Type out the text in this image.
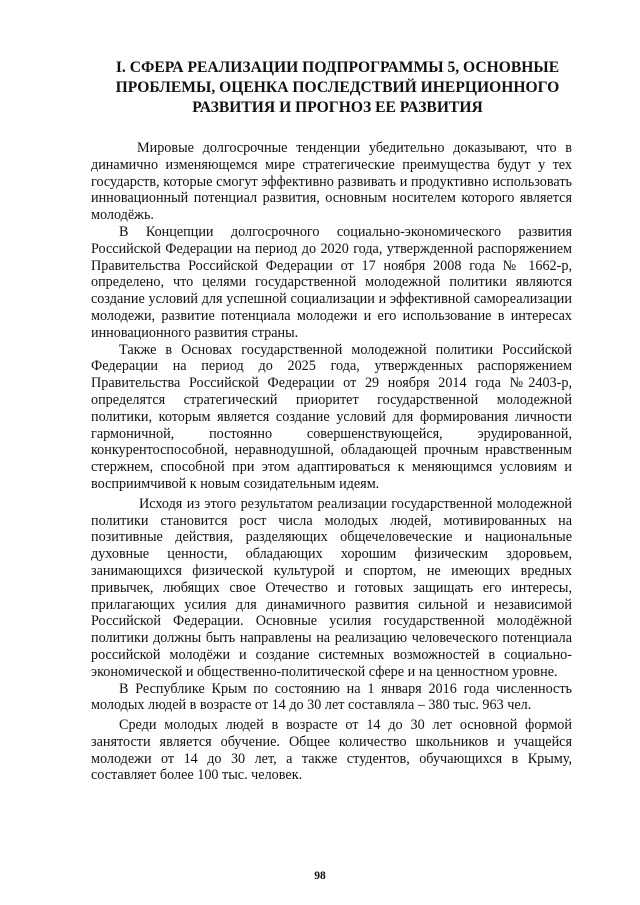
I. СФЕРА РЕАЛИЗАЦИИ ПОДПРОГРАММЫ 5, ОСНОВНЫЕ
ПРОБЛЕМЫ, ОЦЕНКА ПОСЛЕДСТВИЙ ИНЕРЦИОННОГО
РАЗВИТИЯ И ПРОГНОЗ ЕЕ РАЗВИТИЯ

Мировые долгосрочные тенденции убедительно доказывают, что в динамично изменяющемся мире стратегические преимущества будут у тех государств, которые смогут эффективно развивать и продуктивно использовать инновационный потенциал развития, основным носителем которого является молодёжь.

В Концепции долгосрочного социально-экономического развития Российской Федерации на период до 2020 года, утвержденной распоряжением Правительства Российской Федерации от 17 ноября 2008 года № 1662-р, определено, что целями государственной молодежной политики являются создание условий для успешной социализации и эффективной самореализации молодежи, развитие потенциала молодежи и его использование в интересах инновационного развития страны.

Также в Основах государственной молодежной политики Российской Федерации на период до 2025 года, утвержденных распоряжением Правительства Российской Федерации от 29 ноября 2014 года №2403-р, определятся стратегический приоритет государственной молодежной политики, которым является создание условий для формирования личности гармоничной, постоянно совершенствующейся, эрудированной, конкурентоспособной, неравнодушной, обладающей прочным нравственным стержнем, способной при этом адаптироваться к меняющимся условиям и восприимчивой к новым созидательным идеям.

Исходя из этого результатом реализации государственной молодежной политики становится рост числа молодых людей, мотивированных на позитивные действия, разделяющих общечеловеческие и национальные духовные ценности, обладающих хорошим физическим здоровьем, занимающихся физической культурой и спортом, не имеющих вредных привычек, любящих свое Отечество и готовых защищать его интересы, прилагающих усилия для динамичного развития сильной и независимой Российской Федерации. Основные усилия государственной молодёжной политики должны быть направлены на реализацию человеческого потенциала российской молодёжи и создание системных возможностей в социально-экономической и общественно-политической сфере и на ценностном уровне.

В Республике Крым по состоянию на 1 января 2016 года численность молодых людей в возрасте от 14 до 30 лет составляла – 380 тыс. 963 чел.

Среди молодых людей в возрасте от 14 до 30 лет основной формой занятости является обучение. Общее количество школьников и учащейся молодежи от 14 до 30 лет, а также студентов, обучающихся в Крыму, составляет более 100 тыс. человек.

98
